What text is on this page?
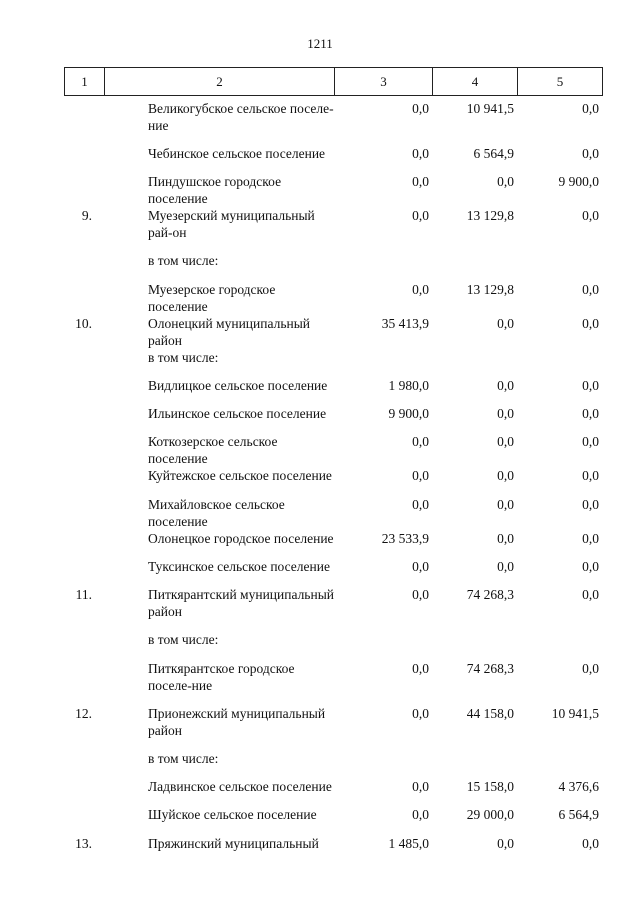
1211
1	2	3	4	5
	Великогубское сельское поселе-ние	0,0	10 941,5	0,0
	Чебинское сельское поселение	0,0	6 564,9	0,0
	Пиндушское городское поселение	0,0	0,0	9 900,0
9.	Муезерский муниципальный рай-он	0,0	13 129,8	0,0
	в том числе:			
	Муезерское городское поселение	0,0	13 129,8	0,0
10.	Олонецкий муниципальный район	35 413,9	0,0	0,0
	в том числе:			
	Видлицкое сельское поселение	1 980,0	0,0	0,0
	Ильинское сельское поселение	9 900,0	0,0	0,0
	Коткозерское сельское поселение	0,0	0,0	0,0
	Куйтежское сельское поселение	0,0	0,0	0,0
	Михайловское сельское поселение	0,0	0,0	0,0
	Олонецкое городское поселение	23 533,9	0,0	0,0
	Туксинское сельское поселение	0,0	0,0	0,0
11.	Питкярантский муниципальный район	0,0	74 268,3	0,0
	в том числе:			
	Питкярантское городское поселе-ние	0,0	74 268,3	0,0
12.	Прионежский муниципальный район	0,0	44 158,0	10 941,5
	в том числе:			
	Ладвинское сельское поселение	0,0	15 158,0	4 376,6
	Шуйское сельское поселение	0,0	29 000,0	6 564,9
13.	Пряжинский муниципальный	1 485,0	0,0	0,0
